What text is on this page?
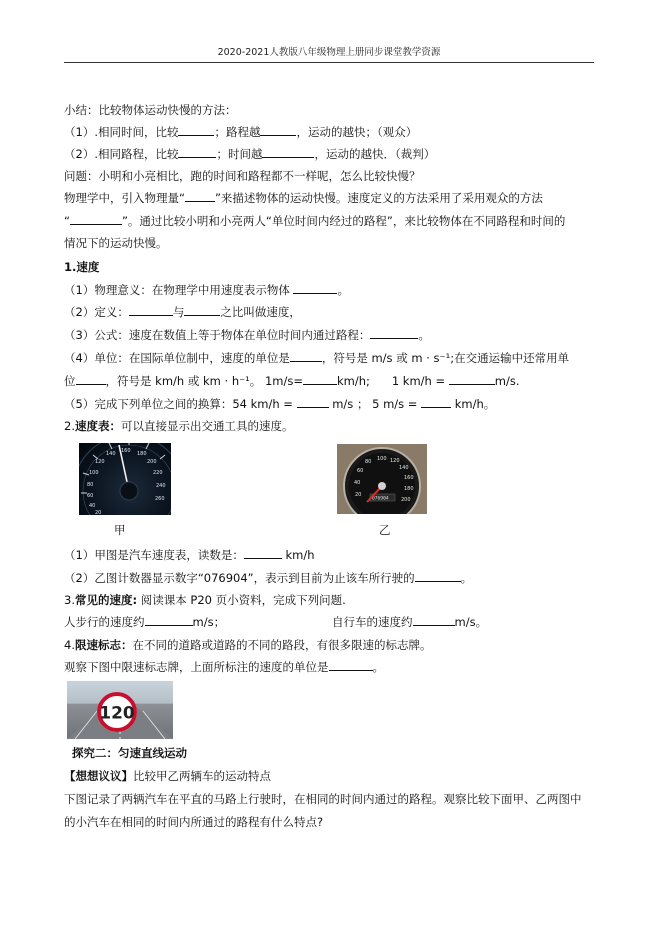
2020-2021人教版八年级物理上册同步课堂教学资源
小结：比较物体运动快慢的方法：
（1）.相同时间，比较	；路程越	，运动的越快；（观众）
（2）.相同路程，比较	；时间越	，运动的越快．（裁判）
问题：小明和小亮相比，跑的时间和路程都不一样呢，怎么比较快慢？
物理学中，引入物理量“	”来描述物体的运动快慢。速度定义的方法采用了采用观众的方法
“	”。通过比较小明和小亮两人“单位时间内经过的路程”，来比较物体在不同路程和时间的
情况下的运动快慢。
1.速度
（1）物理意义：在物理学中用速度表示物体	。
（2）定义：	与	之比叫做速度，
（3）公式：速度在数值上等于物体在单位时间内通过路程：	。
（4）单位：在国际单位制中，速度的单位是	，符号是 m/s 或 m · s⁻¹;在交通运输中还常用单
位	，符号是 km/h 或 km · h⁻¹。 1m/s=	km/h; 1 km/h =	m/s.
（5）完成下列单位之间的换算：54 km/h =	m/s ； 5 m/s =	km/h。
2.速度表：可以直接显示出交通工具的速度。
160 180
200
220
240
260
140
120
100
80
60
40
20
100 120
140
160
180
200
80
60
40
20
076904
甲	乙
（1）甲图是汽车速度表，读数是：	km/h
（2）乙图计数器显示数字“076904”，表示到目前为止该车所行驶的	。
3.常见的速度: 阅读课本 P20 页小资料，完成下列问题.
人步行的速度约	m/s；	自行车的速度约	m/s。
4.限速标志：在不同的道路或道路的不同的路段，有很多限速的标志牌。
观察下图中限速标志牌，上面所标注的速度的单位是	。
120
探究二：匀速直线运动
【想想议议】比较甲乙两辆车的运动特点
下图记录了两辆汽车在平直的马路上行驶时，在相同的时间内通过的路程。观察比较下面甲、乙两图中
的小汽车在相同的时间内所通过的路程有什么特点?
